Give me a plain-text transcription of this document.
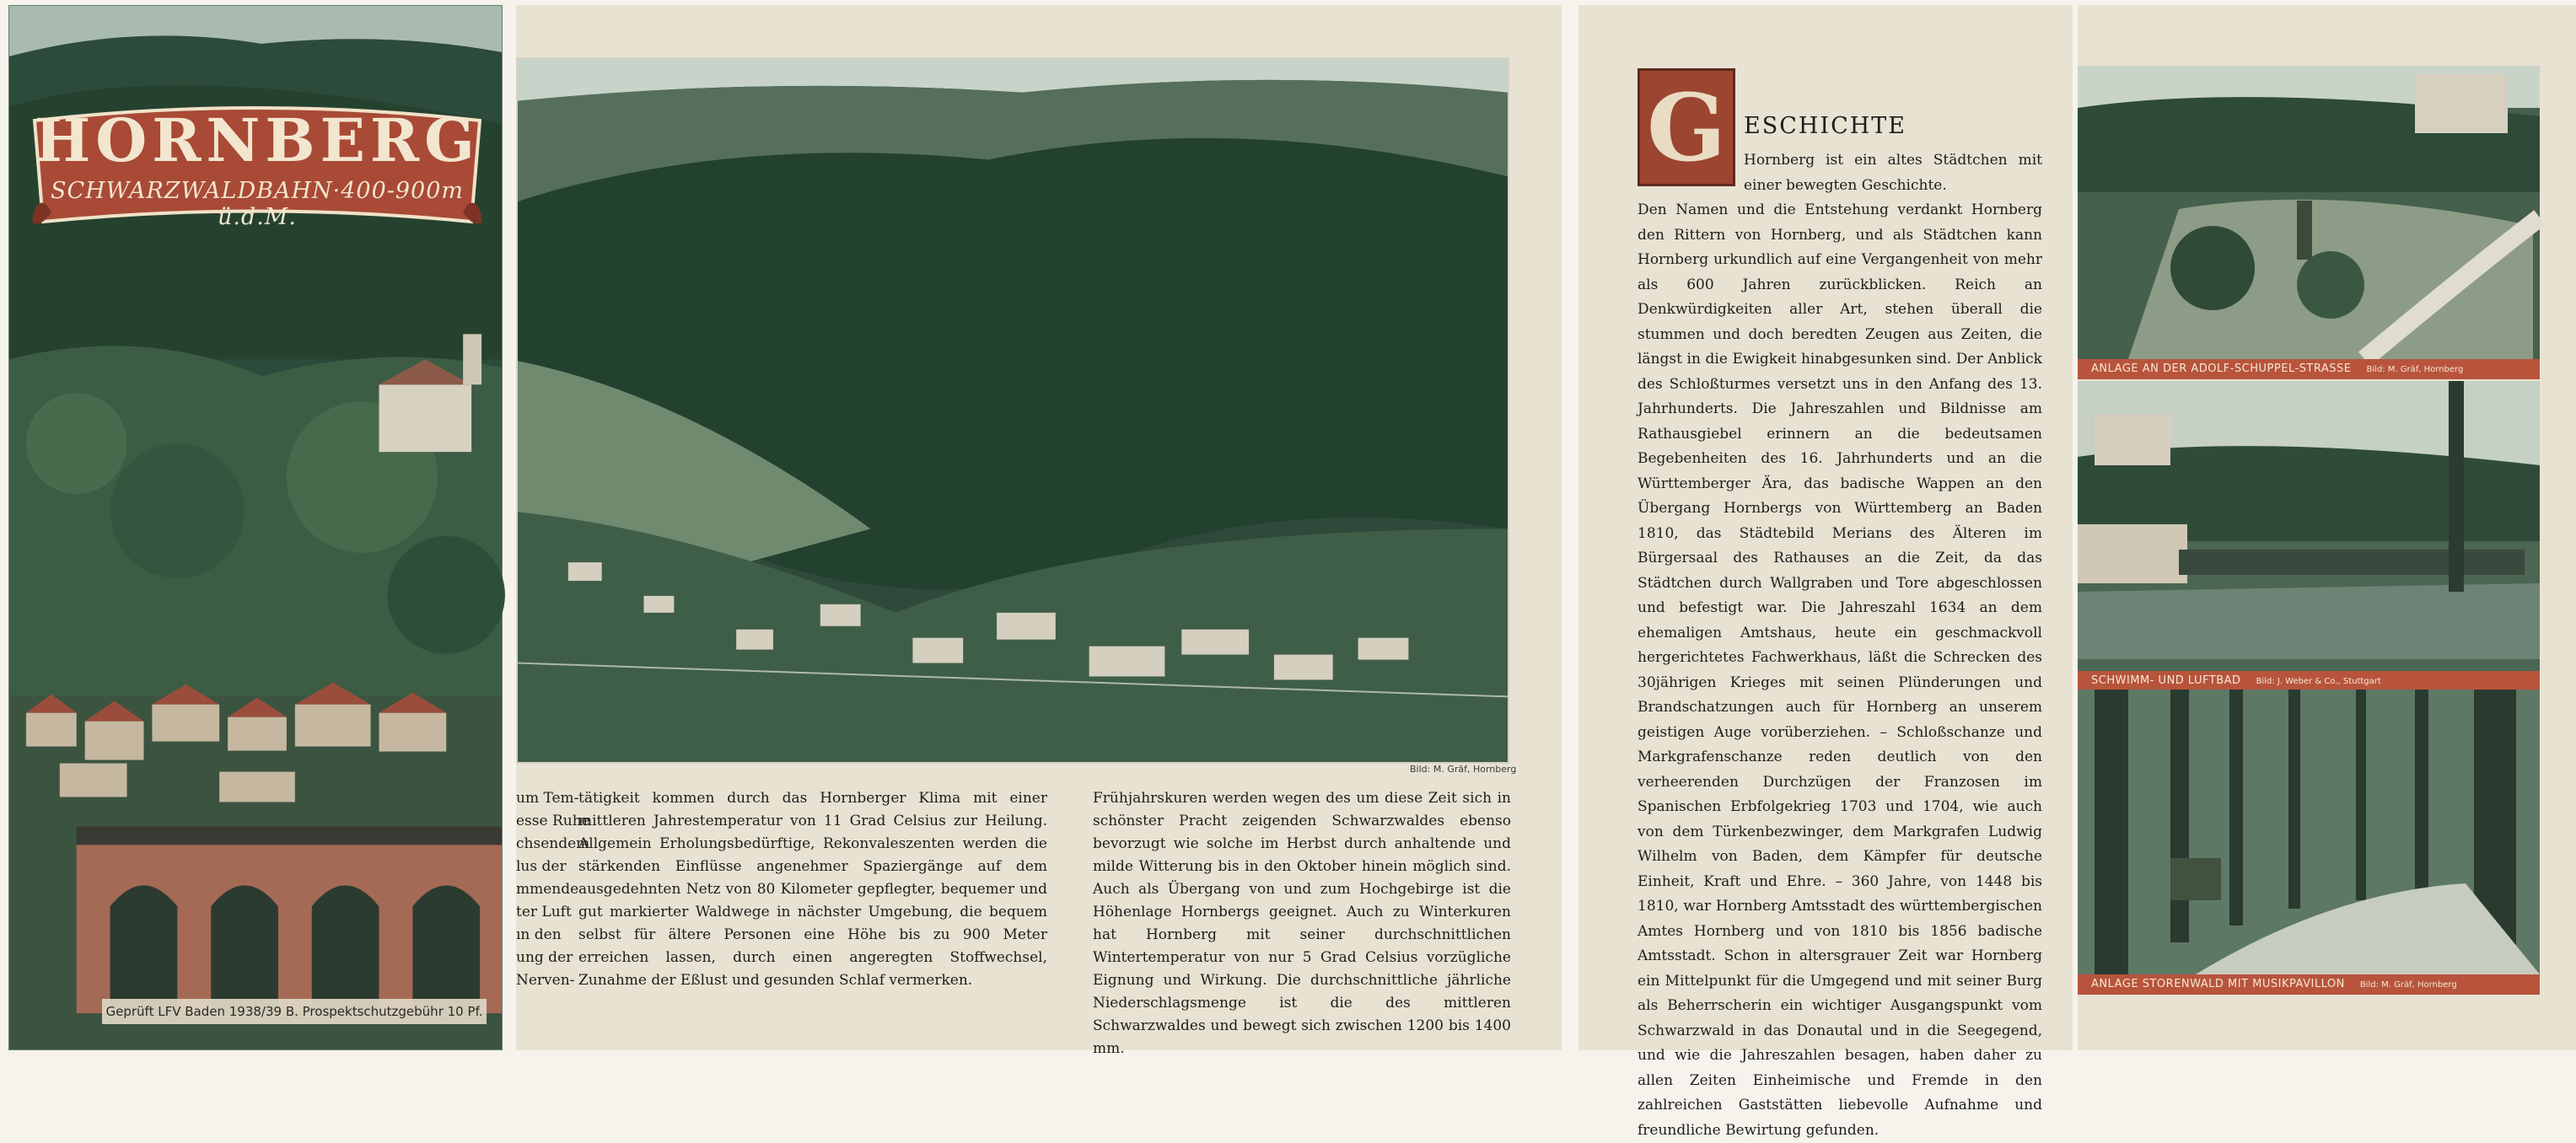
HORNBERG
SCHWARZWALDBAHN·400-900m ü.d.M.
Geprüft LFV Baden 1938/39 B. Prospektschutzgebühr 10 Pf.
Bild: M. Gräf, Hornberg
um Tem-
esse Ruhe
chsendem
lus der
mmende
ter Luft
ın den
ung der
Nerven-
tätigkeit kommen durch das Hornberger Klima mit einer mittleren Jahrestemperatur von 11 Grad Celsius zur Heilung. Allgemein Erholungsbedürftige, Rekonvaleszenten werden die stärkenden Einflüsse angenehmer Spaziergänge auf dem ausgedehnten Netz von 80 Kilometer gepflegter, bequemer und gut markierter Waldwege in nächster Umgebung, die bequem selbst für ältere Personen eine Höhe bis zu 900 Meter erreichen lassen, durch einen angeregten Stoffwechsel, Zunahme der Eßlust und gesunden Schlaf vermerken.
Frühjahrskuren werden wegen des um diese Zeit sich in schönster Pracht zeigenden Schwarzwaldes ebenso bevorzugt wie solche im Herbst durch anhaltende und milde Witterung bis in den Oktober hinein möglich sind. Auch als Übergang von und zum Hochgebirge ist die Höhenlage Hornbergs geeignet. Auch zu Winterkuren hat Hornberg mit seiner durchschnittlichen Wintertemperatur von nur 5 Grad Celsius vorzügliche Eignung und Wirkung. Die durchschnittliche jährliche Niederschlagsmenge ist die des mittleren Schwarzwaldes und bewegt sich zwischen 1200 bis 1400 mm.
G ESCHICHTE
Hornberg ist ein altes Städtchen mit einer bewegten Geschichte.
Den Namen und die Entstehung verdankt Hornberg den Rittern von Hornberg, und als Städtchen kann Hornberg urkundlich auf eine Vergangenheit von mehr als 600 Jahren zurückblicken. Reich an Denkwürdigkeiten aller Art, stehen überall die stummen und doch beredten Zeugen aus Zeiten, die längst in die Ewigkeit hinabgesunken sind. Der Anblick des Schloßturmes versetzt uns in den Anfang des 13. Jahrhunderts. Die Jahreszahlen und Bildnisse am Rathausgiebel erinnern an die bedeutsamen Begebenheiten des 16. Jahrhunderts und an die Württemberger Ära, das badische Wappen an den Übergang Hornbergs von Württemberg an Baden 1810, das Städtebild Merians des Älteren im Bürgersaal des Rathauses an die Zeit, da das Städtchen durch Wallgraben und Tore abgeschlossen und befestigt war. Die Jahreszahl 1634 an dem ehemaligen Amtshaus, heute ein geschmackvoll hergerichtetes Fachwerkhaus, läßt die Schrecken des 30jährigen Krieges mit seinen Plünderungen und Brandschatzungen auch für Hornberg an unserem geistigen Auge vorüberziehen. – Schloßschanze und Markgrafenschanze reden deutlich von den verheerenden Durchzügen der Franzosen im Spanischen Erbfolgekrieg 1703 und 1704, wie auch von dem Türkenbezwinger, dem Markgrafen Ludwig Wilhelm von Baden, dem Kämpfer für deutsche Einheit, Kraft und Ehre. – 360 Jahre, von 1448 bis 1810, war Hornberg Amtsstadt des württembergischen Amtes Hornberg und von 1810 bis 1856 badische Amtsstadt. Schon in altersgrauer Zeit war Hornberg ein Mittelpunkt für die Umgegend und mit seiner Burg als Beherrscherin ein wichtiger Ausgangspunkt vom Schwarzwald in das Donautal und in die Seegegend, und wie die Jahreszahlen besagen, haben daher zu allen Zeiten Einheimische und Fremde in den zahlreichen Gaststätten liebevolle Aufnahme und freundliche Bewirtung gefunden.
ANLAGE AN DER ADOLF-SCHUPPEL-STRASSE Bild: M. Gräf, Hornberg
SCHWIMM- UND LUFTBAD Bild: J. Weber & Co., Stuttgart
ANLAGE STORENWALD MIT MUSIKPAVILLON Bild: M. Gräf, Hornberg
